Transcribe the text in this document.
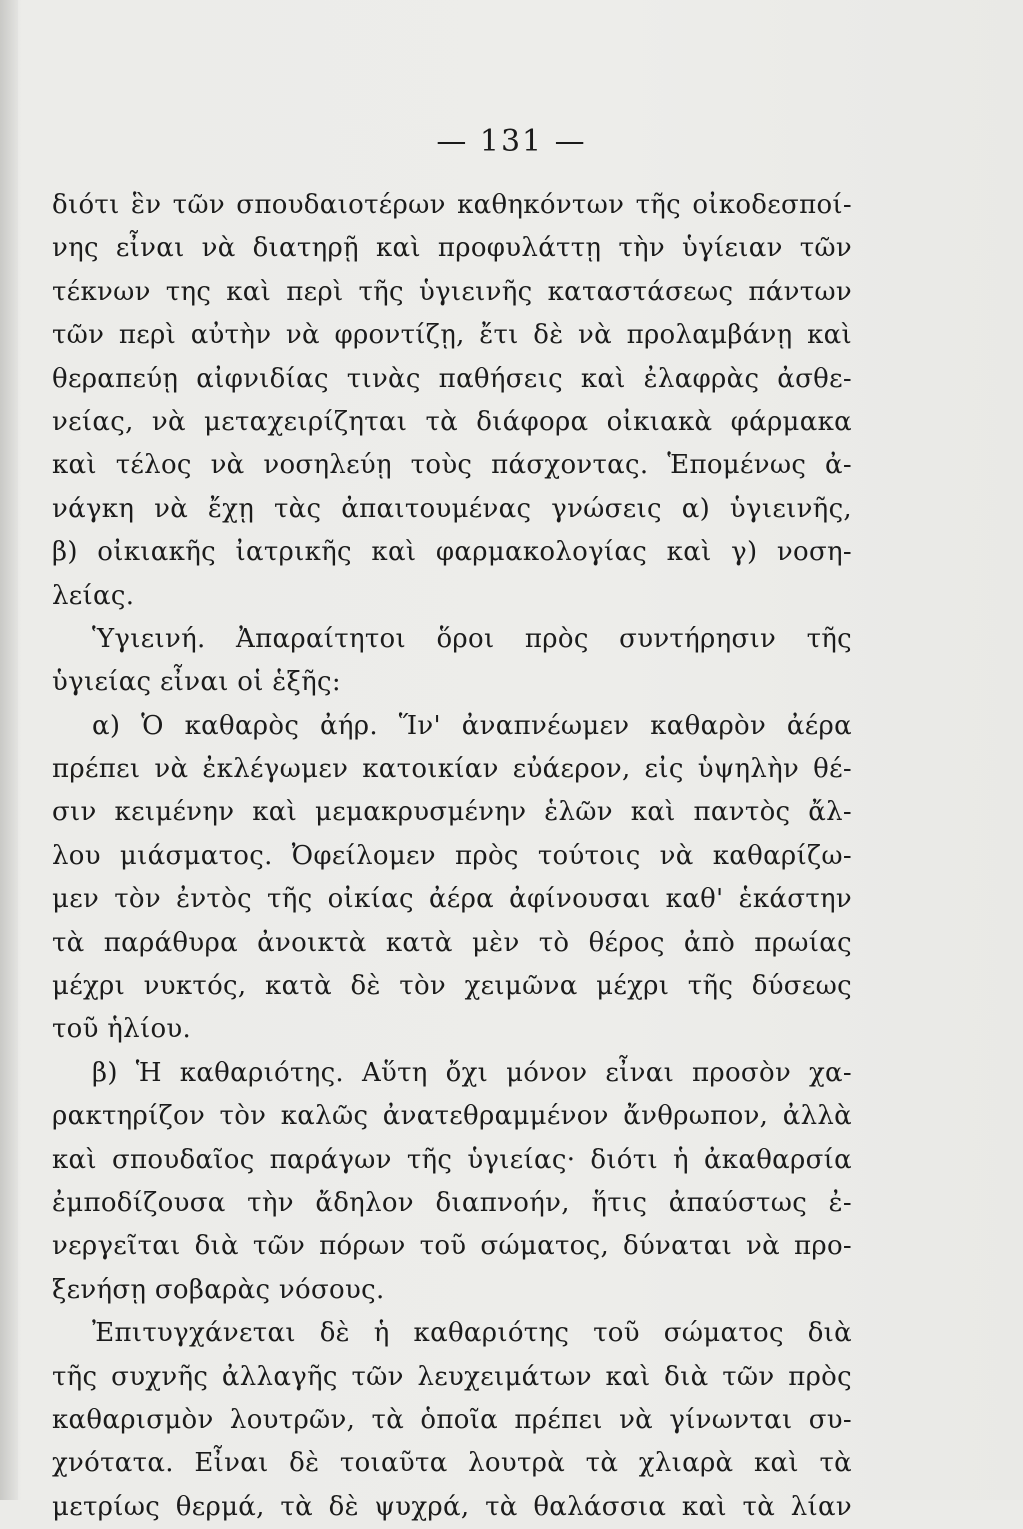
— 131 —
διότι ἓν τῶν σπουδαιοτέρων καθηκόντων τῆς οἰκοδεσποί-
νης εἶναι νὰ διατηρῇ καὶ προφυλάττῃ τὴν ὑγίειαν τῶν
τέκνων της καὶ περὶ τῆς ὑγιεινῆς καταστάσεως πάντων
τῶν περὶ αὐτὴν νὰ φροντίζῃ, ἔτι δὲ νὰ προλαμβάνῃ καὶ
θεραπεύῃ αἰφνιδίας τινὰς παθήσεις καὶ ἐλαφρὰς ἀσθε-
νείας, νὰ μεταχειρίζηται τὰ διάφορα οἰκιακὰ φάρμακα
καὶ τέλος νὰ νοσηλεύῃ τοὺς πάσχοντας. Ἑπομένως ἀ-
νάγκη νὰ ἔχῃ τὰς ἀπαιτουμένας γνώσεις α) ὑγιεινῆς,
β) οἰκιακῆς ἰατρικῆς καὶ φαρμακολογίας καὶ γ) νοση-
λείας.
Ὑγιεινή. Ἀπαραίτητοι ὅροι πρὸς συντήρησιν τῆς
ὑγιείας εἶναι οἱ ἑξῆς:
α) Ὁ καθαρὸς ἀήρ. Ἵν' ἀναπνέωμεν καθαρὸν ἀέρα
πρέπει νὰ ἐκλέγωμεν κατοικίαν εὐάερον, εἰς ὑψηλὴν θέ-
σιν κειμένην καὶ μεμακρυσμένην ἑλῶν καὶ παντὸς ἄλ-
λου μιάσματος. Ὀφείλομεν πρὸς τούτοις νὰ καθαρίζω-
μεν τὸν ἐντὸς τῆς οἰκίας ἀέρα ἀφίνουσαι καθ' ἑκάστην
τὰ παράθυρα ἀνοικτὰ κατὰ μὲν τὸ θέρος ἀπὸ πρωίας
μέχρι νυκτός, κατὰ δὲ τὸν χειμῶνα μέχρι τῆς δύσεως
τοῦ ἡλίου.
β) Ἡ καθαριότης. Αὕτη ὄχι μόνον εἶναι προσὸν χα-
ρακτηρίζον τὸν καλῶς ἀνατεθραμμένον ἄνθρωπον, ἀλλὰ
καὶ σπουδαῖος παράγων τῆς ὑγιείας· διότι ἡ ἀκαθαρσία
ἐμποδίζουσα τὴν ἄδηλον διαπνοήν, ἥτις ἀπαύστως ἐ-
νεργεῖται διὰ τῶν πόρων τοῦ σώματος, δύναται νὰ προ-
ξενήσῃ σοβαρὰς νόσους.
Ἐπιτυγχάνεται δὲ ἡ καθαριότης τοῦ σώματος διὰ
τῆς συχνῆς ἀλλαγῆς τῶν λευχειμάτων καὶ διὰ τῶν πρὸς
καθαρισμὸν λουτρῶν, τὰ ὁποῖα πρέπει νὰ γίνωνται συ-
χνότατα. Εἶναι δὲ τοιαῦτα λουτρὰ τὰ χλιαρὰ καὶ τὰ
μετρίως θερμά, τὰ δὲ ψυχρά, τὰ θαλάσσια καὶ τὰ λίαν
